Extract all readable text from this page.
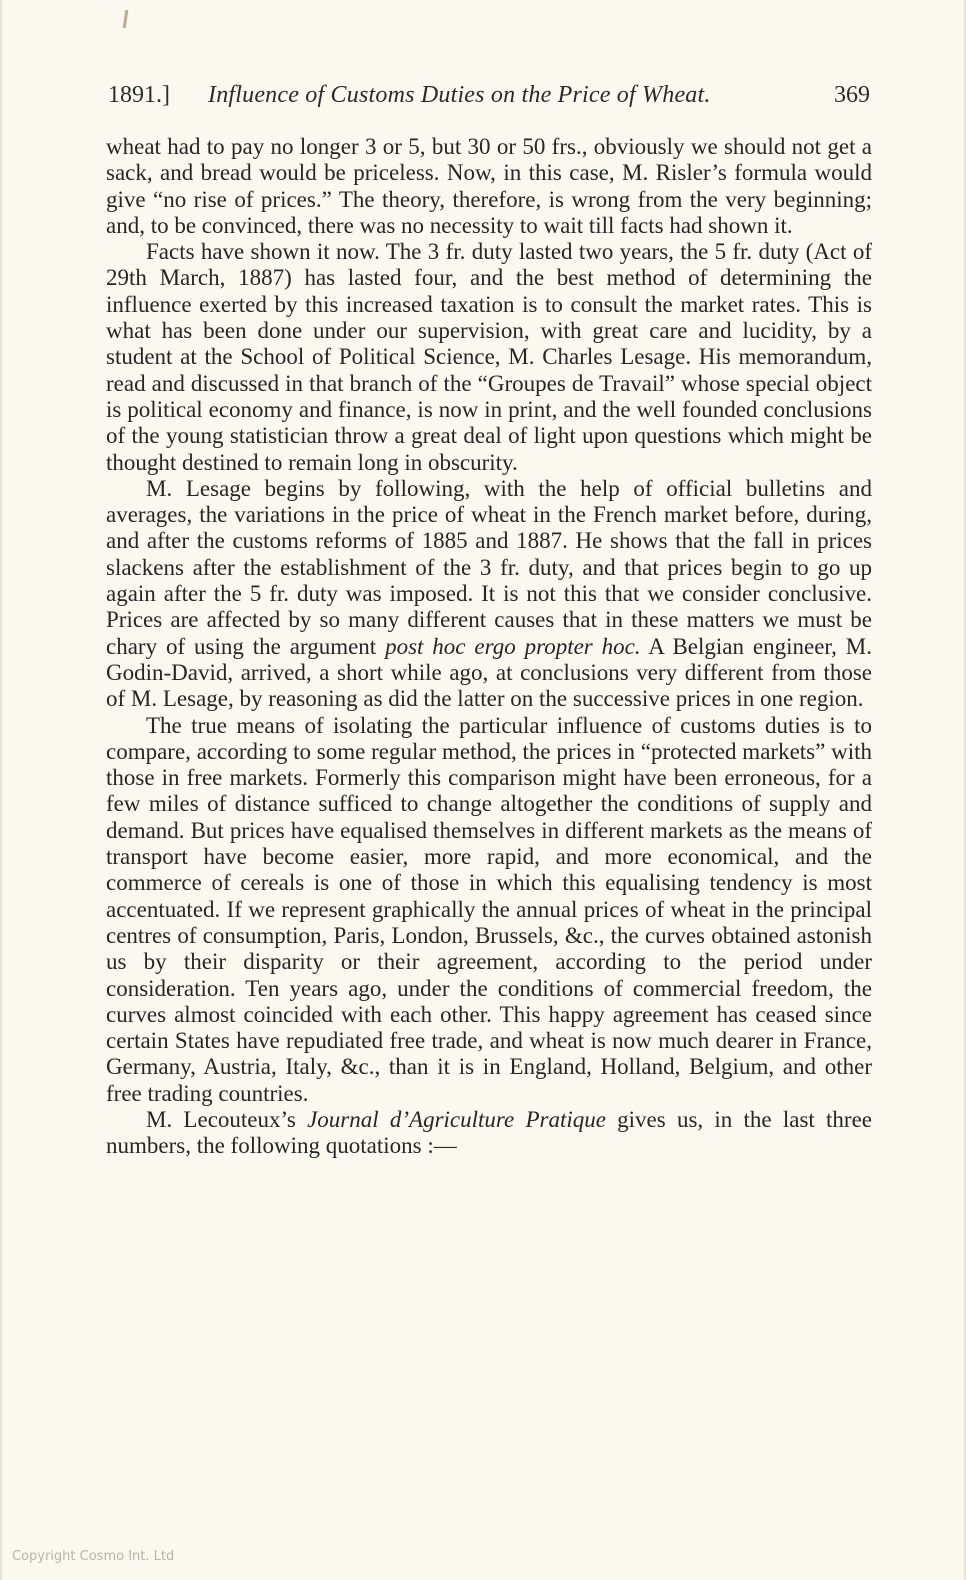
1891.] Influence of Customs Duties on the Price of Wheat.	369

wheat had to pay no longer 3 or 5, but 30 or 50 frs., obviously we should not get a sack, and bread would be priceless. Now, in this case, M. Risler’s formula would give “no rise of prices.” The theory, therefore, is wrong from the very beginning; and, to be convinced, there was no necessity to wait till facts had shown it.

Facts have shown it now. The 3 fr. duty lasted two years, the 5 fr. duty (Act of 29th March, 1887) has lasted four, and the best method of determining the influence exerted by this increased taxation is to consult the market rates. This is what has been done under our supervision, with great care and lucidity, by a student at the School of Political Science, M. Charles Lesage. His memorandum, read and discussed in that branch of the “Groupes de Travail” whose special object is political economy and finance, is now in print, and the well founded conclusions of the young statistician throw a great deal of light upon questions which might be thought destined to remain long in obscurity.

M. Lesage begins by following, with the help of official bulletins and averages, the variations in the price of wheat in the French market before, during, and after the customs reforms of 1885 and 1887. He shows that the fall in prices slackens after the establishment of the 3 fr. duty, and that prices begin to go up again after the 5 fr. duty was imposed. It is not this that we consider conclusive. Prices are affected by so many different causes that in these matters we must be chary of using the argument post hoc ergo propter hoc. A Belgian engineer, M. Godin-David, arrived, a short while ago, at conclusions very different from those of M. Lesage, by reasoning as did the latter on the successive prices in one region.

The true means of isolating the particular influence of customs duties is to compare, according to some regular method, the prices in “protected markets” with those in free markets. Formerly this comparison might have been erroneous, for a few miles of distance sufficed to change altogether the conditions of supply and demand. But prices have equalised themselves in different markets as the means of transport have become easier, more rapid, and more economical, and the commerce of cereals is one of those in which this equalising tendency is most accentuated. If we represent graphically the annual prices of wheat in the principal centres of consumption, Paris, London, Brussels, &c., the curves obtained astonish us by their disparity or their agreement, according to the period under consideration. Ten years ago, under the conditions of commercial freedom, the curves almost coincided with each other. This happy agreement has ceased since certain States have repudiated free trade, and wheat is now much dearer in France, Germany, Austria, Italy, &c., than it is in England, Holland, Belgium, and other free trading countries.

M. Lecouteux’s Journal d’Agriculture Pratique gives us, in the last three numbers, the following quotations :—

Copyright Cosmo Int. Ltd
